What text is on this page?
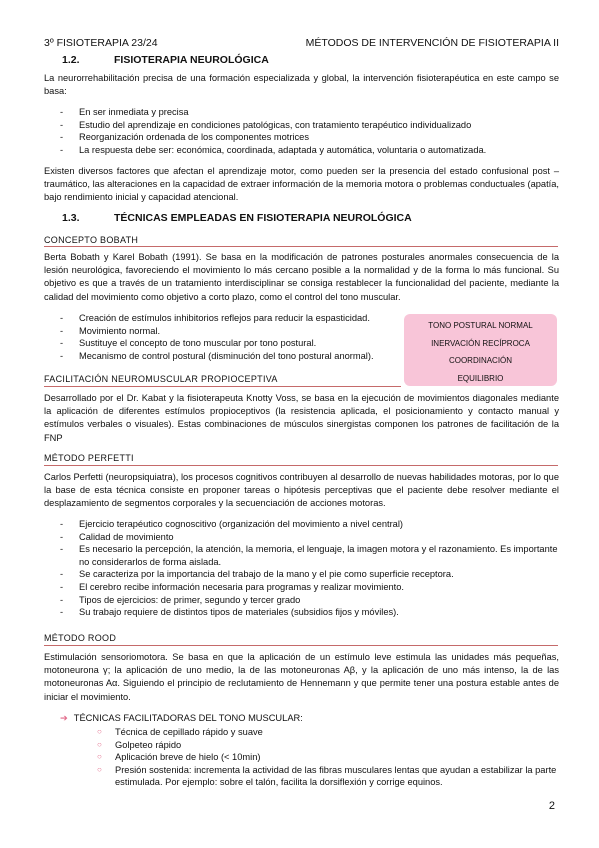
3º FISIOTERAPIA 23/24	MÉTODOS DE INTERVENCIÓN DE FISIOTERAPIA II
1.2.	FISIOTERAPIA NEUROLÓGICA

La neurorrehabilitación precisa de una formación especializada y global, la intervención fisioterapéutica en este campo se basa:

- En ser inmediata y precisa
- Estudio del aprendizaje en condiciones patológicas, con tratamiento terapéutico individualizado
- Reorganización ordenada de los componentes motrices
- La respuesta debe ser: económica, coordinada, adaptada y automática, voluntaria o automatizada.

Existen diversos factores que afectan el aprendizaje motor, como pueden ser la presencia del estado confusional post – traumático, las alteraciones en la capacidad de extraer información de la memoria motora o problemas conductuales (apatía, bajo rendimiento inicial y capacidad atencional.

1.3.	TÉCNICAS EMPLEADAS EN FISIOTERAPIA NEUROLÓGICA
CONCEPTO BOBATH

Berta Bobath y Karel Bobath (1991). Se basa en la modificación de patrones posturales anormales consecuencia de la lesión neurológica, favoreciendo el movimiento lo más cercano posible a la normalidad y de la forma lo más funcional. Su objetivo es que a través de un tratamiento interdisciplinar se consiga restablecer la funcionalidad del paciente, mediante la calidad del movimiento como objetivo a corto plazo, como el control del tono muscular.

- Creación de estímulos inhibitorios reflejos para reducir la espasticidad.
- Movimiento normal.
- Sustituye el concepto de tono muscular por tono postural.
- Mecanismo de control postural (disminución del tono postural anormal).
TONO POSTURAL NORMAL
INERVACIÓN RECÍPROCA
COORDINACIÓN
EQUILIBRIO
FACILITACIÓN NEUROMUSCULAR PROPIOCEPTIVA

Desarrollado por el Dr. Kabat y la fisioterapeuta Knotty Voss, se basa en la ejecución de movimientos diagonales mediante la aplicación de diferentes estímulos propioceptivos (la resistencia aplicada, el posicionamiento y contacto manual y estímulos verbales o visuales). Estas combinaciones de músculos sinergistas componen los patrones de facilitación de la FNP

MÉTODO PERFETTI

Carlos Perfetti (neuropsiquiatra), los procesos cognitivos contribuyen al desarrollo de nuevas habilidades motoras, por lo que la base de esta técnica consiste en proponer tareas o hipótesis perceptivas que el paciente debe resolver mediante el desplazamiento de segmentos corporales y la secuenciación de acciones motoras.

- Ejercicio terapéutico cognoscitivo (organización del movimiento a nivel central)
- Calidad de movimiento
- Es necesario la percepción, la atención, la memoria, el lenguaje, la imagen motora y el razonamiento. Es importante no considerarlos de forma aislada.
- Se caracteriza por la importancia del trabajo de la mano y el pie como superficie receptora.
- El cerebro recibe información necesaria para programas y realizar movimiento.
- Tipos de ejercicios: de primer, segundo y tercer grado
- Su trabajo requiere de distintos tipos de materiales (subsidios fijos y móviles).
MÉTODO ROOD

Estimulación sensoriomotora. Se basa en que la aplicación de un estímulo leve estimula las unidades más pequeñas, motoneurona γ; la aplicación de uno medio, la de las motoneuronas Aβ, y la aplicación de uno más intenso, la de las motoneuronas Aα. Siguiendo el principio de reclutamiento de Hennemann y que permite tener una postura estable antes de iniciar el movimiento.

➔ TÉCNICAS FACILITADORAS DEL TONO MUSCULAR:
○ Técnica de cepillado rápido y suave
○ Golpeteo rápido
○ Aplicación breve de hielo (< 10min)
○ Presión sostenida: incrementa la actividad de las fibras musculares lentas que ayudan a estabilizar la parte estimulada. Por ejemplo: sobre el talón, facilita la dorsiflexión y corrige equinos.
2
